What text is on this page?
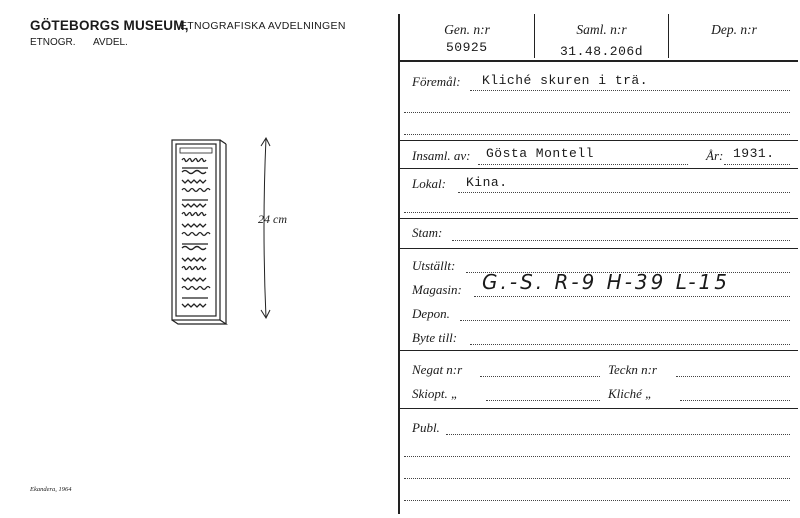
GÖTEBORGS MUSEUM,
ETNOGRAFISKA AVDELNINGEN
ETNOGR. AVDEL.
24 cm
Ekandera, 1964
Gen. n:r
50925
Saml. n:r
31.48.206d
Dep. n:r
Föremål: Kliché skuren i trä.
Insaml. av: Gösta Montell	År: 1931.
Lokal: Kina.
Stam:
Utställt:
Magasin: G.-S. R-9 H-39 L-15
Depon.
Byte till:
Negat n:r	Teckn n:r
Skiopt. „	Kliché „
Publ.
